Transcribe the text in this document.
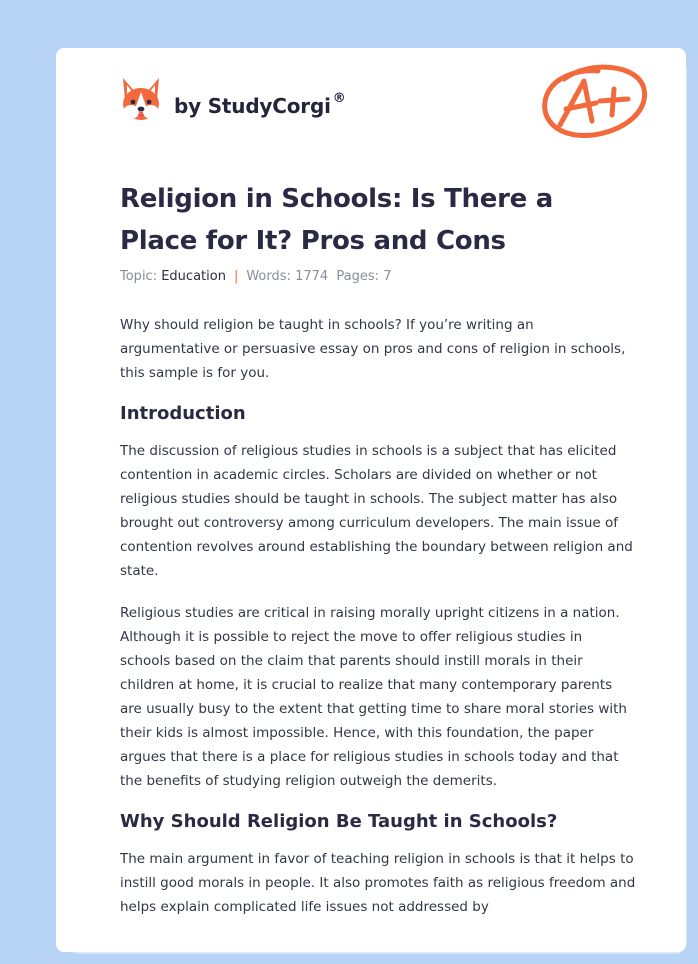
by StudyCorgi ®
Religion in Schools: Is There a Place for It? Pros and Cons
Topic: Education | Words: 1774 Pages: 7

Why should religion be taught in schools? If you’re writing an argumentative or persuasive essay on pros and cons of religion in schools, this sample is for you.

Introduction

The discussion of religious studies in schools is a subject that has elicited contention in academic circles. Scholars are divided on whether or not religious studies should be taught in schools. The subject matter has also brought out controversy among curriculum developers. The main issue of contention revolves around establishing the boundary between religion and state.

Religious studies are critical in raising morally upright citizens in a nation. Although it is possible to reject the move to offer religious studies in schools based on the claim that parents should instill morals in their children at home, it is crucial to realize that many contemporary parents are usually busy to the extent that getting time to share moral stories with their kids is almost impossible. Hence, with this foundation, the paper argues that there is a place for religious studies in schools today and that the benefits of studying religion outweigh the demerits.

Why Should Religion Be Taught in Schools?

The main argument in favor of teaching religion in schools is that it helps to instill good morals in people. It also promotes faith as religious freedom and helps explain complicated life issues not addressed by
